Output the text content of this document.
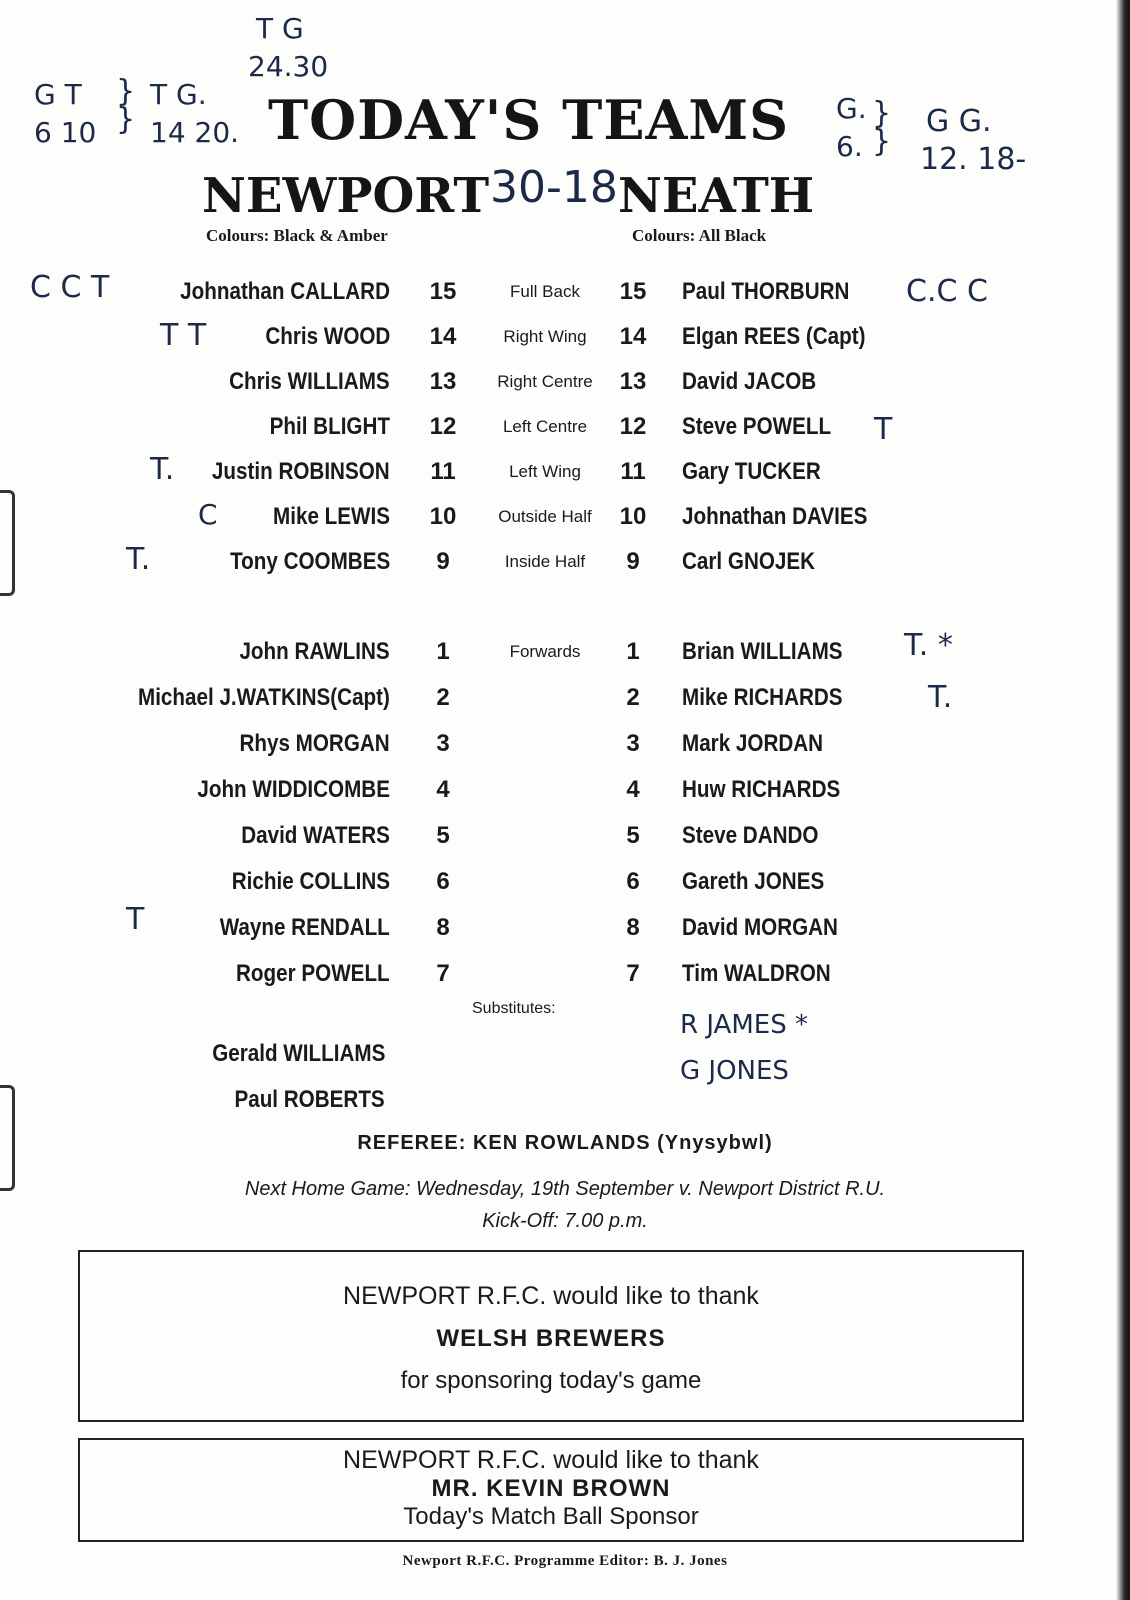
G T
6 10
}
}
T G.
14 20.
T G
24.30
G.
6.
}
}
G G.
12. 18-
30-18
TODAY'S TEAMS
NEWPORT	NEATH
Colours: Black & Amber	Colours: All Black
Johnathan CALLARD	15	Full Back	15	Paul THORBURN
Chris WOOD	14	Right Wing	14	Elgan REES (Capt)
Chris WILLIAMS	13	Right Centre	13	David JACOB
Phil BLIGHT	12	Left Centre	12	Steve POWELL
Justin ROBINSON	11	Left Wing	11	Gary TUCKER
Mike LEWIS	10	Outside Half	10	Johnathan DAVIES
Tony COOMBES	9	Inside Half	9	Carl GNOJEK
John RAWLINS	1	Forwards	1	Brian WILLIAMS
Michael J.WATKINS(Capt)	2	2	Mike RICHARDS
Rhys MORGAN	3	3	Mark JORDAN
John WIDDICOMBE	4	4	Huw RICHARDS
David WATERS	5	5	Steve DANDO
Richie COLLINS	6	6	Gareth JONES
Wayne RENDALL	8	8	David MORGAN
Roger POWELL	7	7	Tim WALDRON
C C T
T T
T.
C
T.
T
C.C C
T
T. *
T.
Substitutes:
Gerald WILLIAMS
Paul ROBERTS
R JAMES *
G JONES
REFEREE: KEN ROWLANDS (Ynysybwl)
Next Home Game: Wednesday, 19th September v. Newport District R.U.
Kick-Off: 7.00 p.m.
NEWPORT R.F.C. would like to thank
WELSH BREWERS
for sponsoring today's game
NEWPORT R.F.C. would like to thank
MR. KEVIN BROWN
Today's Match Ball Sponsor
Newport R.F.C. Programme Editor: B. J. Jones
